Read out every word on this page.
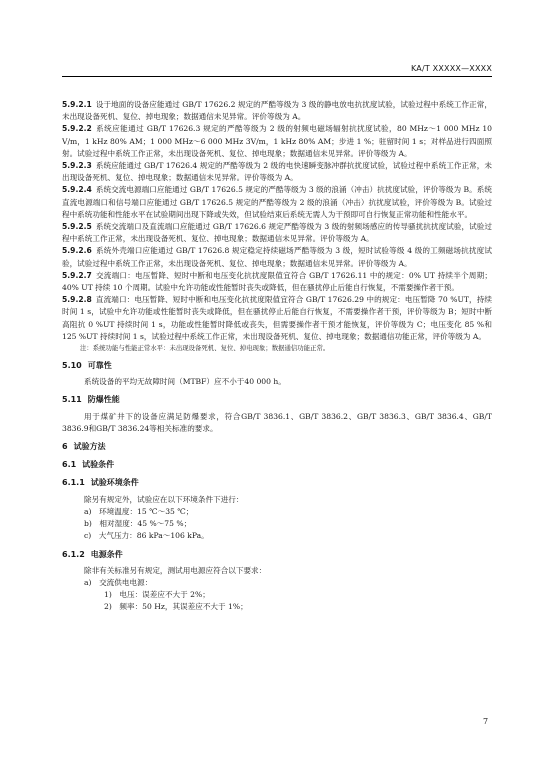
KA/T XXXXX—XXXX

5.9.2.1 设于地面的设备应能通过 GB/T 17626.2 规定的严酷等级为 3 级的静电放电抗扰度试验，试验过程中系统工作正常，未出现设备死机、复位、掉电现象；数据通信未见异常。评价等级为 A。

5.9.2.2 系统应能通过 GB/T 17626.3 规定的严酷等级为 2 级的射频电磁场辐射抗扰度试验，80 MHz～1 000 MHz 10 V/m，1 kHz 80% AM；1 000 MHz～6 000 MHz 3V/m，1 kHz 80% AM；步进 1 %；驻留时间 1 s；对样品进行四面照射。试验过程中系统工作正常，未出现设备死机、复位、掉电现象；数据通信未见异常。评价等级为 A。

5.9.2.3 系统应能通过 GB/T 17626.4 规定的严酷等级为 2 级的电快速瞬变脉冲群抗扰度试验，试验过程中系统工作正常，未出现设备死机、复位、掉电现象；数据通信未见异常。评价等级为 A。

5.9.2.4 系统交流电源端口应能通过 GB/T 17626.5 规定的严酷等级为 3 级的浪涌（冲击）抗扰度试验，评价等级为 B。系统直流电源端口和信号端口应能通过 GB/T 17626.5 规定的严酷等级为 2 级的浪涌（冲击）抗扰度试验，评价等级为 B。试验过程中系统功能和性能水平在试验期间出现下降或失效，但试验结束后系统无需人为干预即可自行恢复正常功能和性能水平。

5.9.2.5 系统交流端口及直流端口应能通过 GB/T 17626.6 规定严酷等级为 3 级的射频场感应的传导骚扰抗扰度试验，试验过程中系统工作正常，未出现设备死机、复位、掉电现象；数据通信未见异常。评价等级为 A。

5.9.2.6 系统外壳端口应能通过 GB/T 17626.8 规定稳定持续磁场严酷等级为 3 级，短时试验等级 4 级的工频磁场抗扰度试验，试验过程中系统工作正常，未出现设备死机、复位、掉电现象；数据通信未见异常。评价等级为 A。

5.9.2.7 交流端口：电压暂降、短时中断和电压变化抗扰度限值宜符合 GB/T 17626.11 中的规定：0% UT 持续半个周期；40% UT 持续 10 个周期。试验中允许功能或性能暂时丧失或降低，但在骚扰停止后能自行恢复，不需要操作者干预。

5.9.2.8 直流端口：电压暂降、短时中断和电压变化抗扰度限值宜符合 GB/T 17626.29 中的规定：电压暂降 70 %UT，持续时间 1 s，试验中允许功能或性能暂时丧失或降低，但在骚扰停止后能自行恢复，不需要操作者干预，评价等级为 B；短时中断 高阻抗 0 %UT 持续时间 1 s，功能或性能暂时降低或丧失，但需要操作者干预才能恢复，评价等级为 C；电压变化 85 %和 125 %UT 持续时间 1 s，试验过程中系统工作正常，未出现设备死机、复位、掉电现象；数据通信功能正常，评价等级为 A。

注：系统功能与性能正常水平：未出现设备死机、复位、掉电现象；数据通信功能正常。

5.10 可靠性

系统设备的平均无故障时间（MTBF）应不小于40 000 h。

5.11 防爆性能

用于煤矿井下的设备应满足防爆要求，符合GB/T 3836.1、GB/T 3836.2、GB/T 3836.3、GB/T 3836.4、GB/T 3836.9和GB/T 3836.24等相关标准的要求。

6 试验方法
6.1 试验条件
6.1.1 试验环境条件

除另有规定外，试验应在以下环境条件下进行：

a)　环境温度：15 ℃～35 ℃；

b)　相对湿度：45 %～75 %；

c)　大气压力：86 kPa～106 kPa。

6.1.2 电源条件

除非有关标准另有规定，测试用电源应符合以下要求：

a)　交流供电电源：

1)　电压：误差应不大于 2%；

2)　频率：50 Hz，其误差应不大于 1%；

7
